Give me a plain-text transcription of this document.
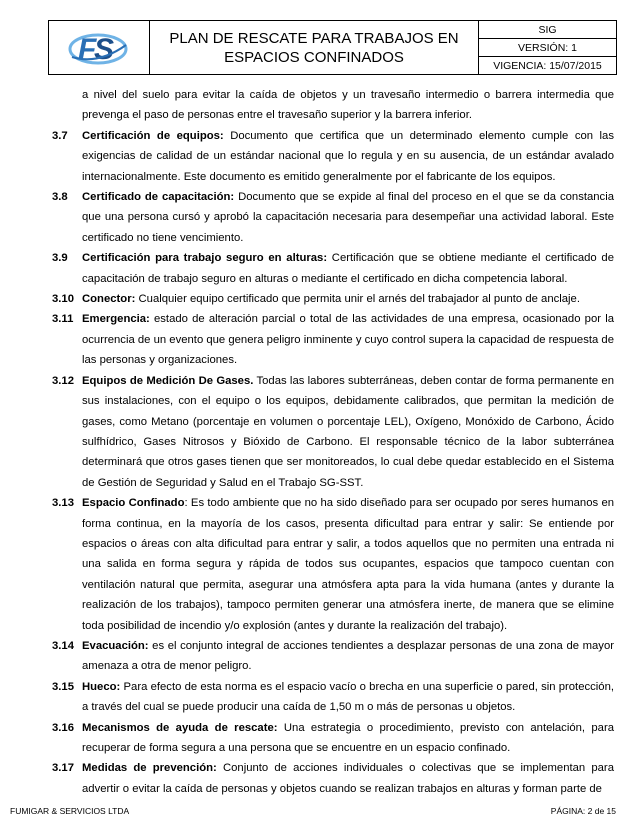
F
S	PLAN DE RESCATE PARA TRABAJOS EN
ESPACIOS CONFINADOS
SIG
VERSIÓN: 1
VIGENCIA: 15/07/2015
a nivel del suelo para evitar la caída de objetos y un travesaño intermedio o barrera intermedia que prevenga el paso de personas entre el travesaño superior y la barrera inferior.
3.7	Certificación de equipos: Documento que certifica que un determinado elemento cumple con las exigencias de calidad de un estándar nacional que lo regula y en su ausencia, de un estándar avalado internacionalmente. Este documento es emitido generalmente por el fabricante de los equipos.
3.8	Certificado de capacitación: Documento que se expide al final del proceso en el que se da constancia que una persona cursó y aprobó la capacitación necesaria para desempeñar una actividad laboral. Este certificado no tiene vencimiento.
3.9	Certificación para trabajo seguro en alturas: Certificación que se obtiene mediante el certificado de capacitación de trabajo seguro en alturas o mediante el certificado en dicha competencia laboral.
3.10 Conector: Cualquier equipo certificado que permita unir el arnés del trabajador al punto de anclaje.
3.11 Emergencia: estado de alteración parcial o total de las actividades de una empresa, ocasionado por la ocurrencia de un evento que genera peligro inminente y cuyo control supera la capacidad de respuesta de las personas y organizaciones.
3.12 Equipos de Medición De Gases. Todas las labores subterráneas, deben contar de forma permanente en sus instalaciones, con el equipo o los equipos, debidamente calibrados, que permitan la medición de gases, como Metano (porcentaje en volumen o porcentaje LEL), Oxígeno, Monóxido de Carbono, Ácido sulfhídrico, Gases Nitrosos y Bióxido de Carbono. El responsable técnico de la labor subterránea determinará que otros gases tienen que ser monitoreados, lo cual debe quedar establecido en el Sistema de Gestión de Seguridad y Salud en el Trabajo SG-SST.
3.13 Espacio Confinado: Es todo ambiente que no ha sido diseñado para ser ocupado por seres humanos en forma continua, en la mayoría de los casos, presenta dificultad para entrar y salir: Se entiende por espacios o áreas con alta dificultad para entrar y salir, a todos aquellos que no permiten una entrada ni una salida en forma segura y rápida de todos sus ocupantes, espacios que tampoco cuentan con ventilación natural que permita, asegurar una atmósfera apta para la vida humana (antes y durante la realización de los trabajos), tampoco permiten generar una atmósfera inerte, de manera que se elimine toda posibilidad de incendio y/o explosión (antes y durante la realización del trabajo).
3.14 Evacuación: es el conjunto integral de acciones tendientes a desplazar personas de una zona de mayor amenaza a otra de menor peligro.
3.15 Hueco: Para efecto de esta norma es el espacio vacío o brecha en una superficie o pared, sin protección, a través del cual se puede producir una caída de 1,50 m o más de personas u objetos.
3.16 Mecanismos de ayuda de rescate: Una estrategia o procedimiento, previsto con antelación, para recuperar de forma segura a una persona que se encuentre en un espacio confinado.
3.17 Medidas de prevención: Conjunto de acciones individuales o colectivas que se implementan para advertir o evitar la caída de personas y objetos cuando se realizan trabajos en alturas y forman parte de
FUMIGAR & SERVICIOS LTDA	PÁGINA: 2 de 15
